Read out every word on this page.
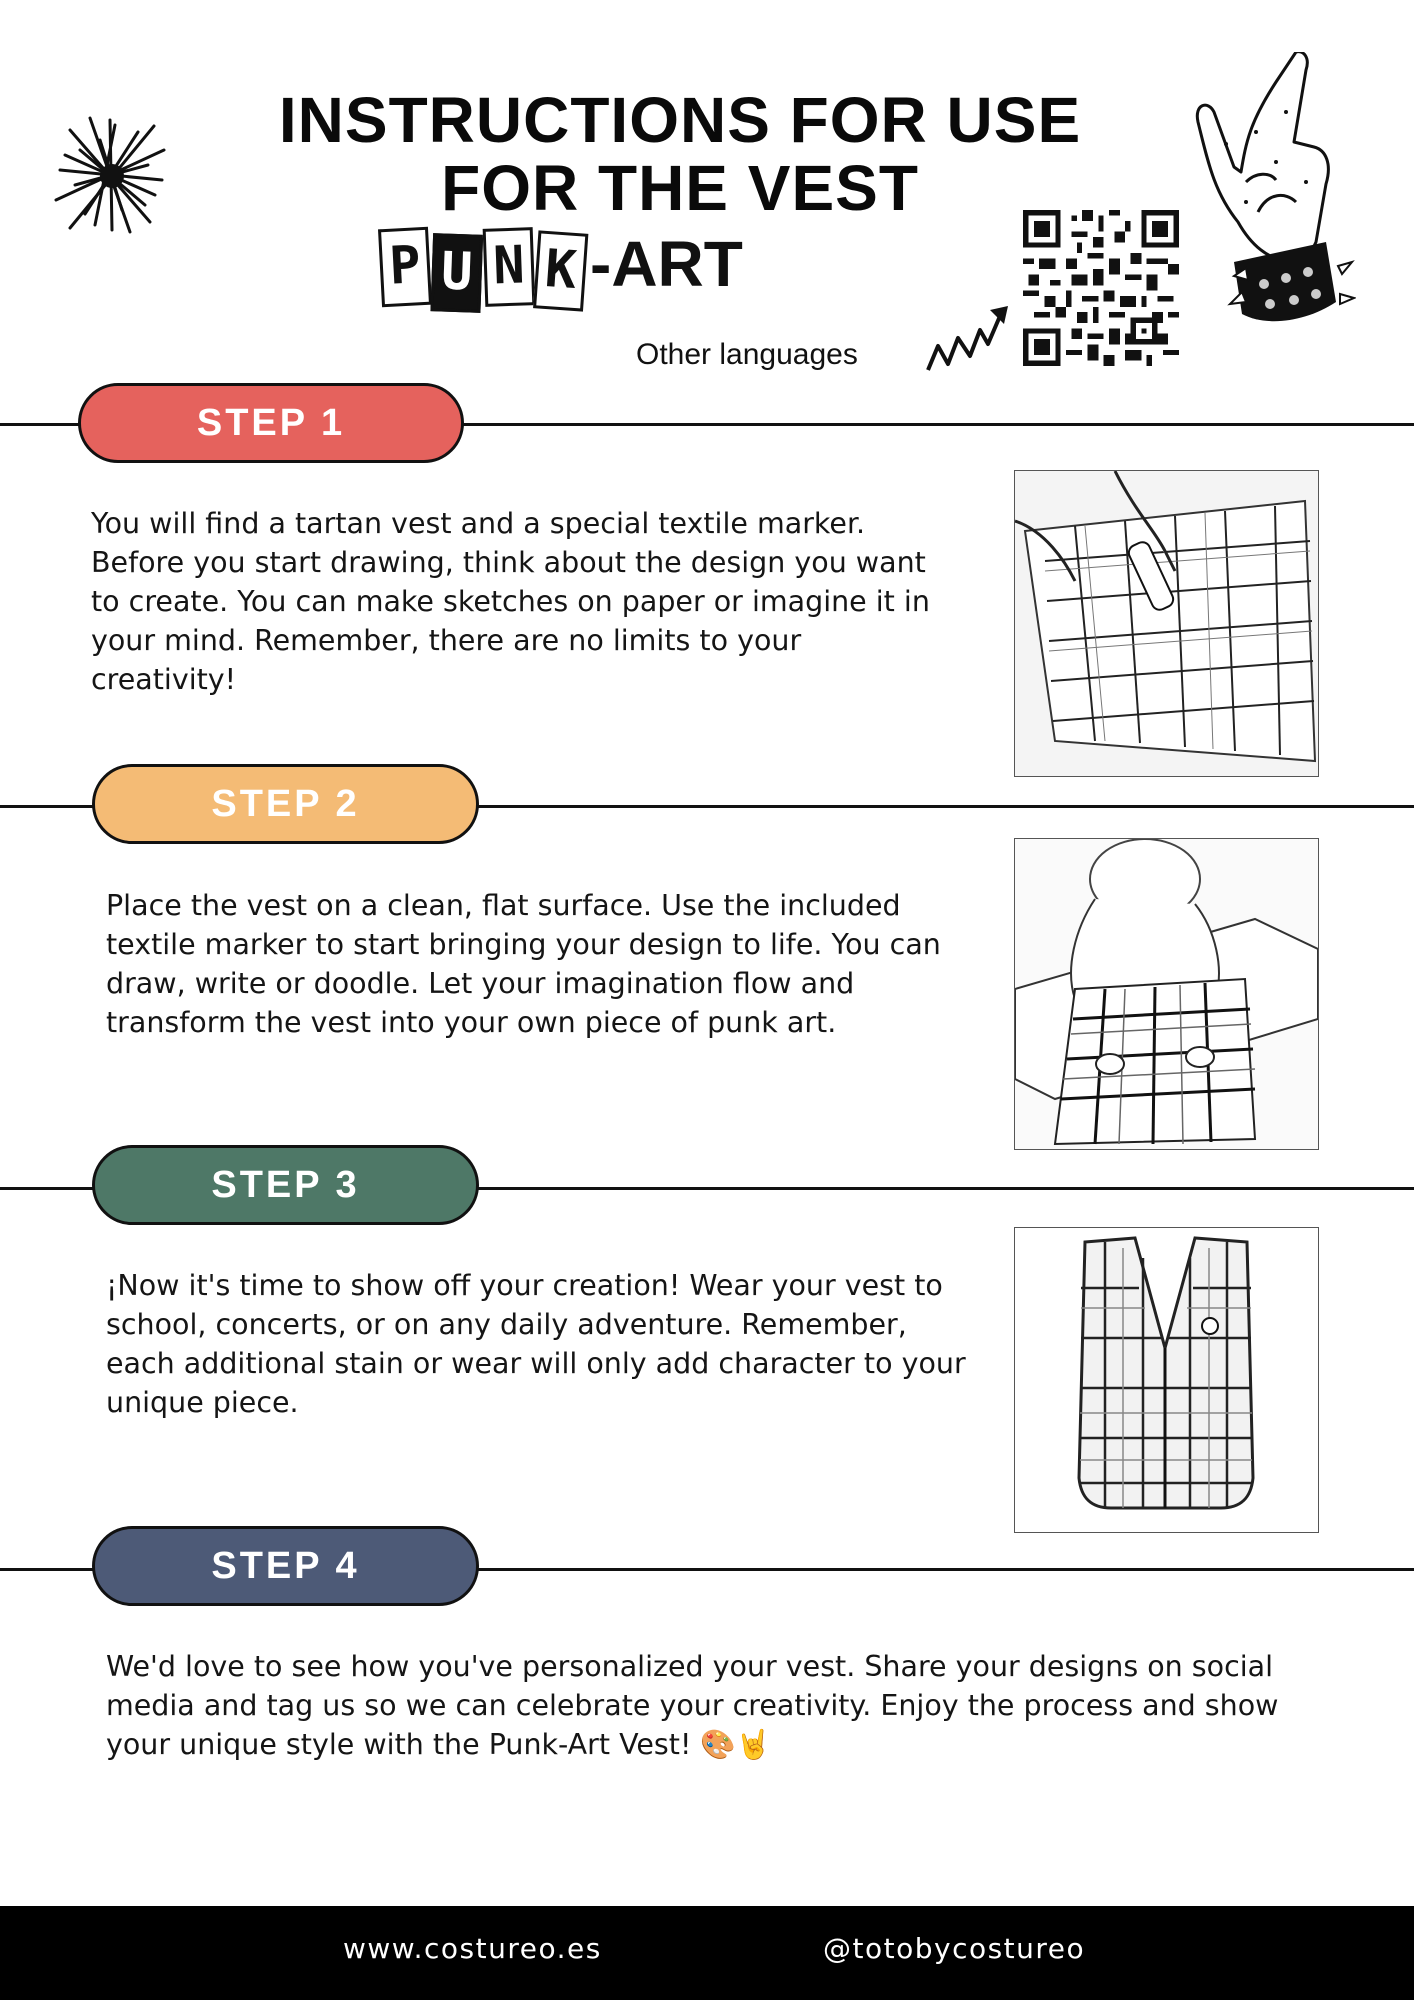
INSTRUCTIONS FOR USE
FOR THE VEST
P U N K -ART
Other languages
STEP 1
You will find a tartan vest and a special textile marker. Before you start drawing, think about the design you want to create. You can make sketches on paper or imagine it in your mind. Remember, there are no limits to your creativity!
STEP 2
Place the vest on a clean, flat surface. Use the included textile marker to start bringing your design to life. You can draw, write or doodle. Let your imagination flow and transform the vest into your own piece of punk art.
STEP 3
¡Now it's time to show off your creation! Wear your vest to school, concerts, or on any daily adventure. Remember, each additional stain or wear will only add character to your unique piece.
STEP 4
We'd love to see how you've personalized your vest. Share your designs on social media and tag us so we can celebrate your creativity. Enjoy the process and show your unique style with the Punk-Art Vest! 🎨🤘
www.costureo.es	@totobycostureo
